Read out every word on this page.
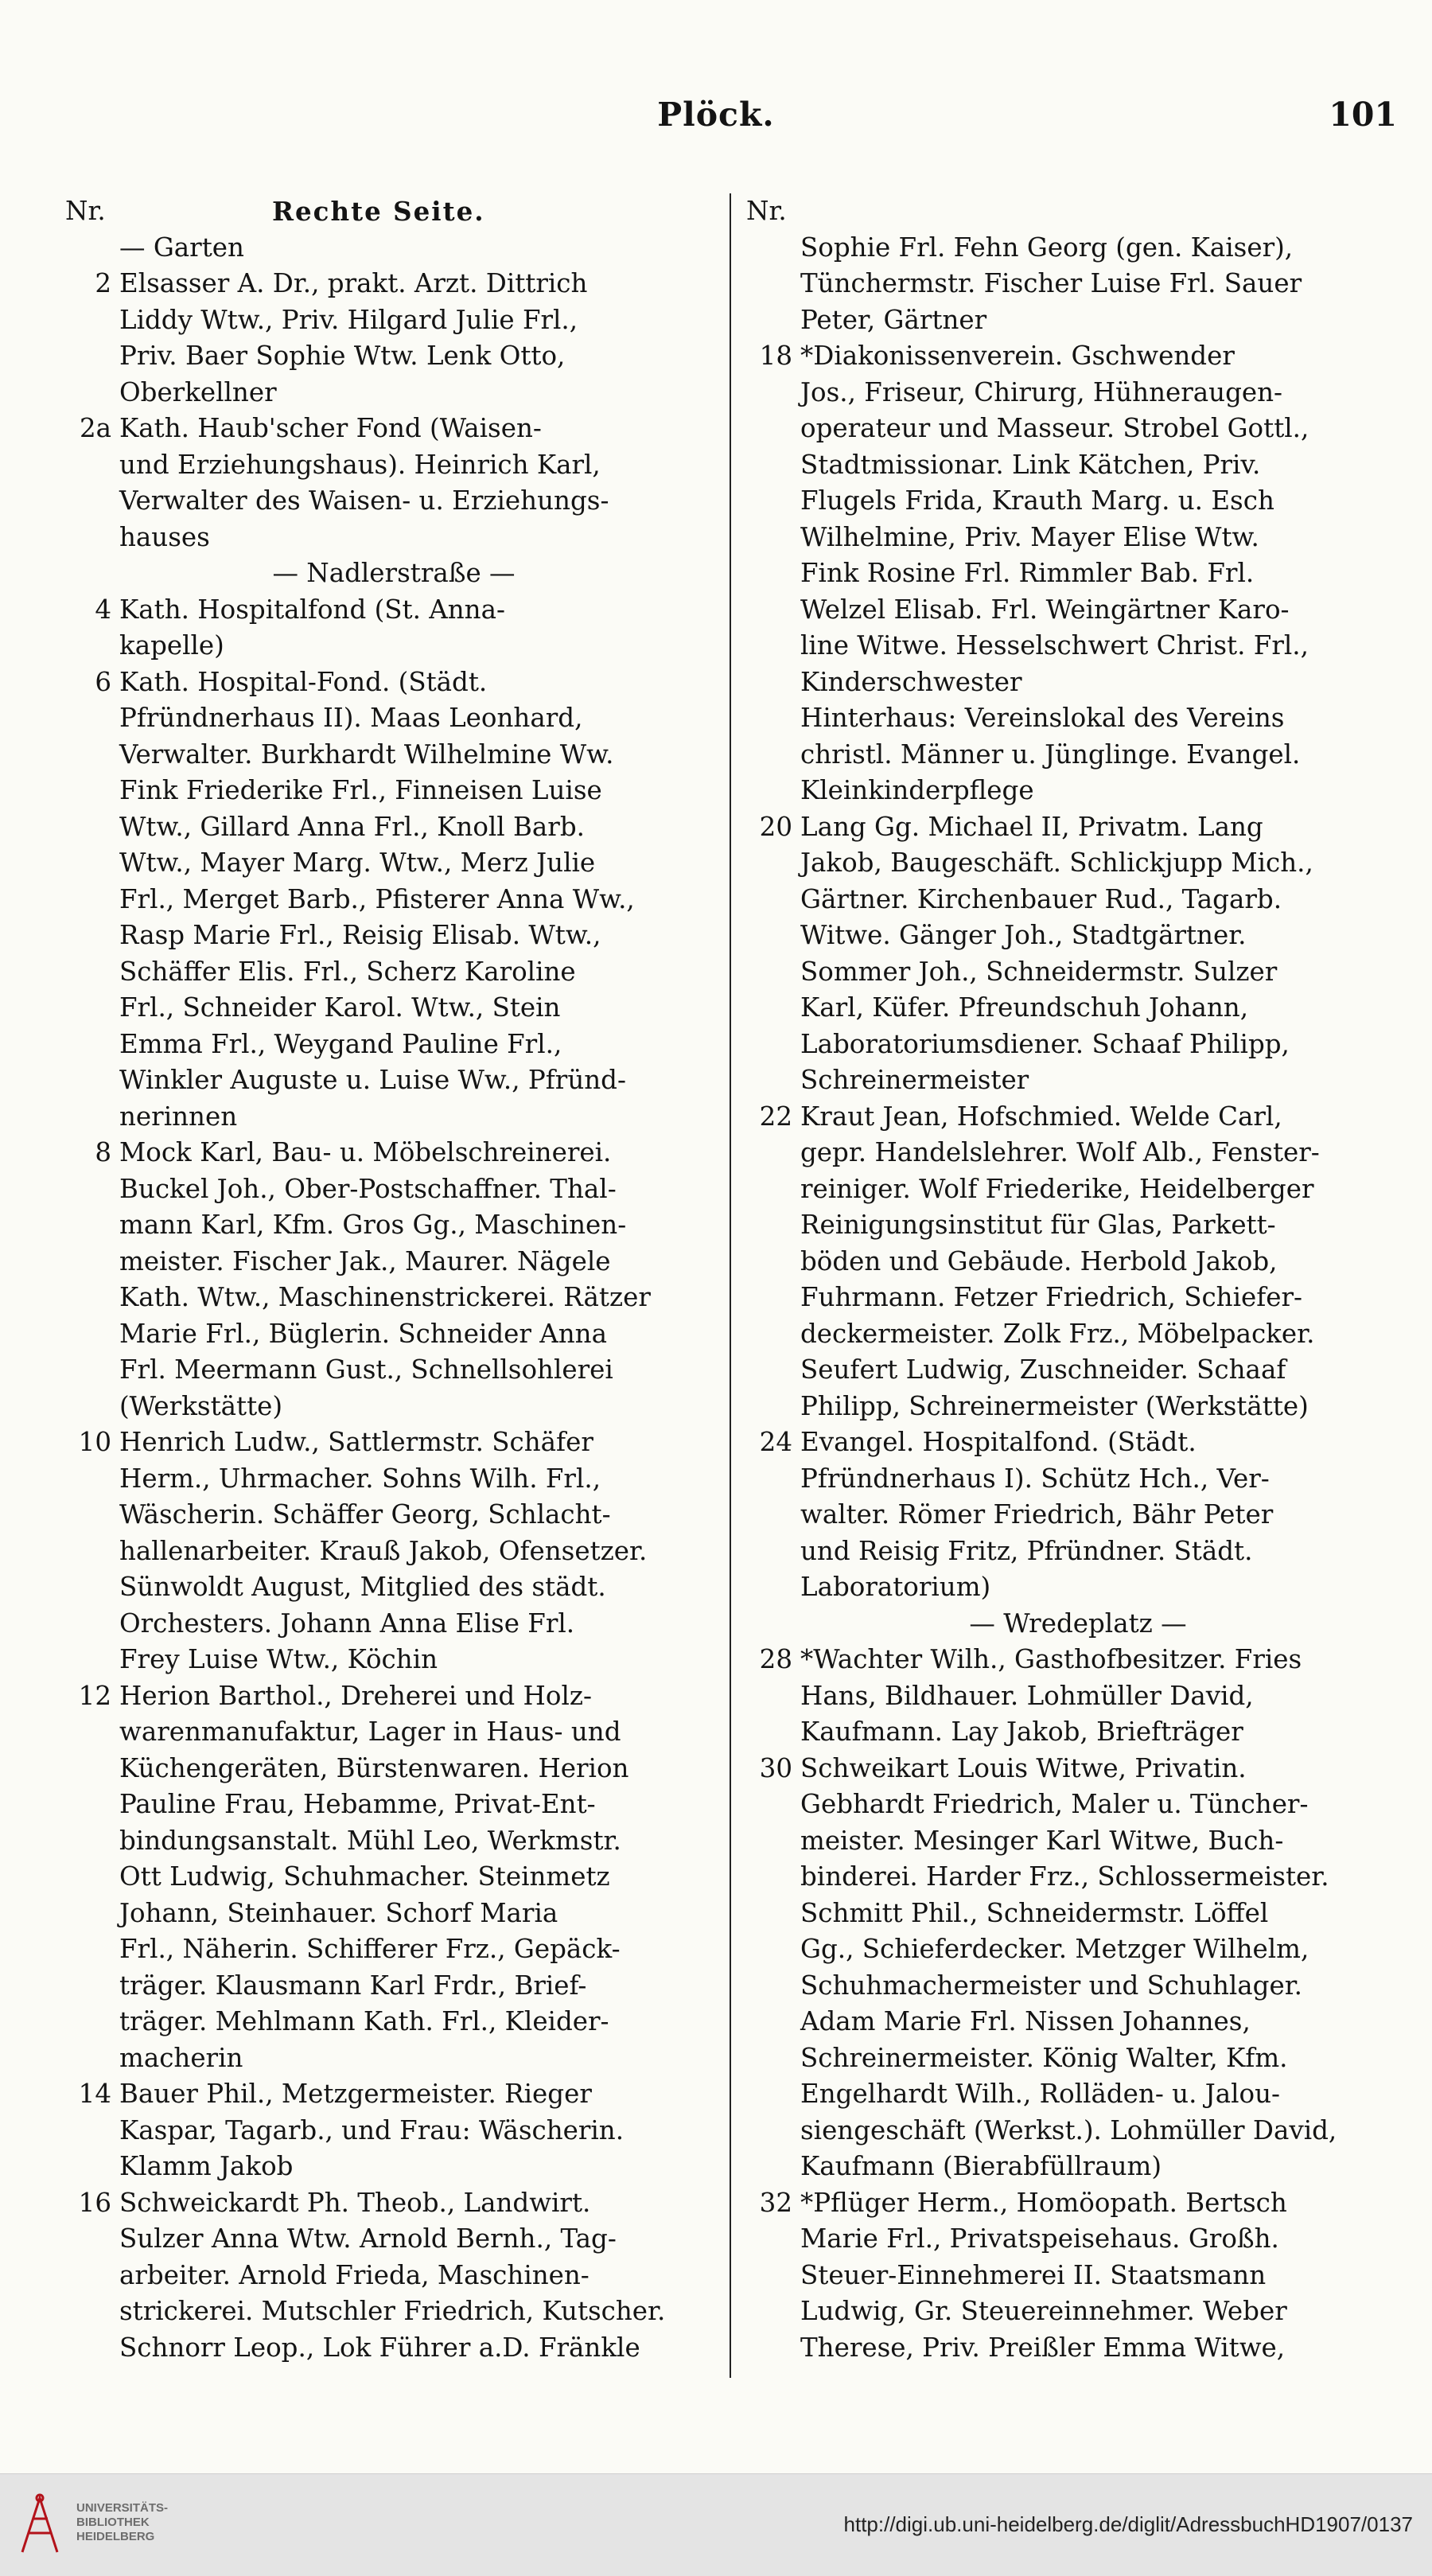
Plöck.	101
Nr.	Rechte Seite.
— Garten
2 Elsasser A. Dr., prakt. Arzt. Dittrich
Liddy Wtw., Priv. Hilgard Julie Frl.,
Priv. Baer Sophie Wtw. Lenk Otto,
Oberkellner
2a Kath. Haub'scher Fond (Waisen-
und Erziehungshaus). Heinrich Karl,
Verwalter des Waisen- u. Erziehungs-
hauses
— Nadlerstraße —
4 Kath. Hospitalfond (St. Anna-
kapelle)
6 Kath. Hospital-Fond. (Städt.
Pfründnerhaus II). Maas Leonhard,
Verwalter. Burkhardt Wilhelmine Ww.
Fink Friederike Frl., Finneisen Luise
Wtw., Gillard Anna Frl., Knoll Barb.
Wtw., Mayer Marg. Wtw., Merz Julie
Frl., Merget Barb., Pfisterer Anna Ww.,
Rasp Marie Frl., Reisig Elisab. Wtw.,
Schäffer Elis. Frl., Scherz Karoline
Frl., Schneider Karol. Wtw., Stein
Emma Frl., Weygand Pauline Frl.,
Winkler Auguste u. Luise Ww., Pfründ-
nerinnen
8 Mock Karl, Bau- u. Möbelschreinerei.
Buckel Joh., Ober-Postschaffner. Thal-
mann Karl, Kfm. Gros Gg., Maschinen-
meister. Fischer Jak., Maurer. Nägele
Kath. Wtw., Maschinenstrickerei. Rätzer
Marie Frl., Büglerin. Schneider Anna
Frl. Meermann Gust., Schnellsohlerei
(Werkstätte)
10 Henrich Ludw., Sattlermstr. Schäfer
Herm., Uhrmacher. Sohns Wilh. Frl.,
Wäscherin. Schäffer Georg, Schlacht-
hallenarbeiter. Krauß Jakob, Ofensetzer.
Sünwoldt August, Mitglied des städt.
Orchesters. Johann Anna Elise Frl.
Frey Luise Wtw., Köchin
12 Herion Barthol., Dreherei und Holz-
warenmanufaktur, Lager in Haus- und
Küchengeräten, Bürstenwaren. Herion
Pauline Frau, Hebamme, Privat-Ent-
bindungsanstalt. Mühl Leo, Werkmstr.
Ott Ludwig, Schuhmacher. Steinmetz
Johann, Steinhauer. Schorf Maria
Frl., Näherin. Schifferer Frz., Gepäck-
träger. Klausmann Karl Frdr., Brief-
träger. Mehlmann Kath. Frl., Kleider-
macherin
14 Bauer Phil., Metzgermeister. Rieger
Kaspar, Tagarb., und Frau: Wäscherin.
Klamm Jakob
16 Schweickardt Ph. Theob., Landwirt.
Sulzer Anna Wtw. Arnold Bernh., Tag-
arbeiter. Arnold Frieda, Maschinen-
strickerei. Mutschler Friedrich, Kutscher.
Schnorr Leop., Lok Führer a.D. Fränkle
Nr.
Sophie Frl. Fehn Georg (gen. Kaiser),
Tünchermstr. Fischer Luise Frl. Sauer
Peter, Gärtner
18 *Diakonissenverein. Gschwender
Jos., Friseur, Chirurg, Hühneraugen-
operateur und Masseur. Strobel Gottl.,
Stadtmissionar. Link Kätchen, Priv.
Flugels Frida, Krauth Marg. u. Esch
Wilhelmine, Priv. Mayer Elise Wtw.
Fink Rosine Frl. Rimmler Bab. Frl.
Welzel Elisab. Frl. Weingärtner Karo-
line Witwe. Hesselschwert Christ. Frl.,
Kinderschwester
Hinterhaus: Vereinslokal des Vereins
christl. Männer u. Jünglinge. Evangel.
Kleinkinderpflege
20 Lang Gg. Michael II, Privatm. Lang
Jakob, Baugeschäft. Schlickjupp Mich.,
Gärtner. Kirchenbauer Rud., Tagarb.
Witwe. Gänger Joh., Stadtgärtner.
Sommer Joh., Schneidermstr. Sulzer
Karl, Küfer. Pfreundschuh Johann,
Laboratoriumsdiener. Schaaf Philipp,
Schreinermeister
22 Kraut Jean, Hofschmied. Welde Carl,
gepr. Handelslehrer. Wolf Alb., Fenster-
reiniger. Wolf Friederike, Heidelberger
Reinigungsinstitut für Glas, Parkett-
böden und Gebäude. Herbold Jakob,
Fuhrmann. Fetzer Friedrich, Schiefer-
deckermeister. Zolk Frz., Möbelpacker.
Seufert Ludwig, Zuschneider. Schaaf
Philipp, Schreinermeister (Werkstätte)
24 Evangel. Hospitalfond. (Städt.
Pfründnerhaus I). Schütz Hch., Ver-
walter. Römer Friedrich, Bähr Peter
und Reisig Fritz, Pfründner. Städt.
Laboratorium)
— Wredeplatz —
28 *Wachter Wilh., Gasthofbesitzer. Fries
Hans, Bildhauer. Lohmüller David,
Kaufmann. Lay Jakob, Briefträger
30 Schweikart Louis Witwe, Privatin.
Gebhardt Friedrich, Maler u. Tüncher-
meister. Mesinger Karl Witwe, Buch-
binderei. Harder Frz., Schlossermeister.
Schmitt Phil., Schneidermstr. Löffel
Gg., Schieferdecker. Metzger Wilhelm,
Schuhmachermeister und Schuhlager.
Adam Marie Frl. Nissen Johannes,
Schreinermeister. König Walter, Kfm.
Engelhardt Wilh., Rolläden- u. Jalou-
siengeschäft (Werkst.). Lohmüller David,
Kaufmann (Bierabfüllraum)
32 *Pflüger Herm., Homöopath. Bertsch
Marie Frl., Privatspeisehaus. Großh.
Steuer-Einnehmerei II. Staatsmann
Ludwig, Gr. Steuereinnehmer. Weber
Therese, Priv. Preißler Emma Witwe,
UNIVERSITÄTS-
BIBLIOTHEK
HEIDELBERG
http://digi.ub.uni-heidelberg.de/diglit/AdressbuchHD1907/0137
